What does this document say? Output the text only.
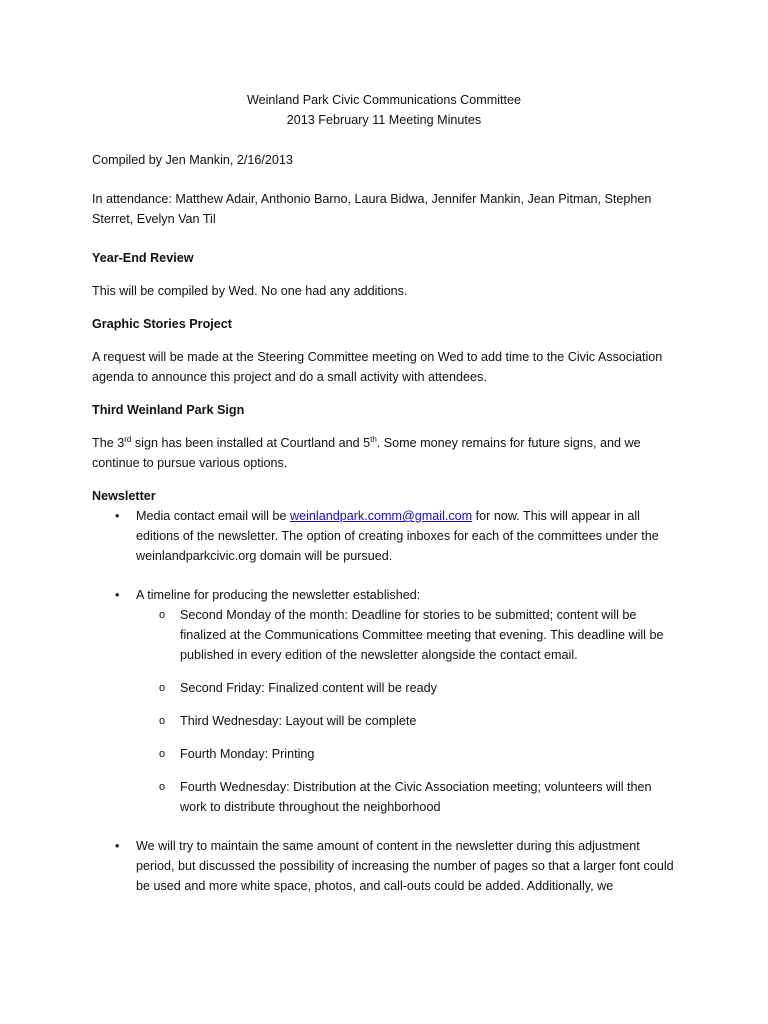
Weinland Park Civic Communications Committee

2013 February 11 Meeting Minutes

Compiled by Jen Mankin, 2/16/2013

In attendance: Matthew Adair, Anthonio Barno, Laura Bidwa, Jennifer Mankin, Jean Pitman, Stephen Sterret, Evelyn Van Til

Year-End Review

This will be compiled by Wed. No one had any additions.

Graphic Stories Project

A request will be made at the Steering Committee meeting on Wed to add time to the Civic Association agenda to announce this project and do a small activity with attendees.

Third Weinland Park Sign

The 3rd sign has been installed at Courtland and 5th. Some money remains for future signs, and we continue to pursue various options.

Newsletter

• Media contact email will be weinlandpark.comm@gmail.com for now. This will appear in all editions of the newsletter. The option of creating inboxes for each of the committees under the weinlandparkcivic.org domain will be pursued.
• A timeline for producing the newsletter established:
o Second Monday of the month: Deadline for stories to be submitted; content will be finalized at the Communications Committee meeting that evening. This deadline will be published in every edition of the newsletter alongside the contact email.
o Second Friday: Finalized content will be ready
o Third Wednesday: Layout will be complete
o Fourth Monday: Printing
o Fourth Wednesday: Distribution at the Civic Association meeting; volunteers will then work to distribute throughout the neighborhood
• We will try to maintain the same amount of content in the newsletter during this adjustment period, but discussed the possibility of increasing the number of pages so that a larger font could be used and more white space, photos, and call-outs could be added. Additionally, we
